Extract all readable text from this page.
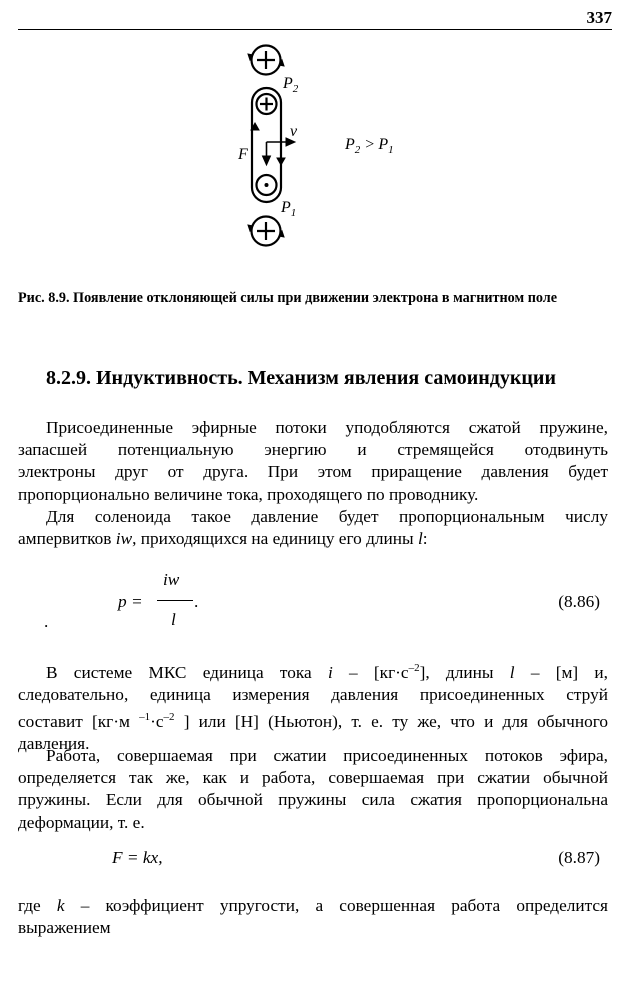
337
$P_2$
v
F
$P_1$
$P_2 > P_1$
Рис. 8.9. Появление отклоняющей силы при движении электрона в магнитном поле
8.2.9. Индуктивность. Механизм явления самоиндукции
Присоединенные эфирные потоки уподобляются сжатой пружине,
запасшей потенциальную энергию и стремящейся отодвинуть
электроны друг от друга. При этом приращение давления будет
пропорционально величине тока, проходящего по проводнику.
Для соленоида такое давление будет пропорциональным числу
ампервитков iw, приходящихся на единицу его длины l:
p =
iw
l
.	(8.86)
.
В системе МКС единица тока $i - [кг\cdot с^{-2}]$, длины l – [м] и,
следовательно, единица измерения давления присоединенных струй
составит [кг·м $^{-1}\cdot с^{-2}$ ] или [Н] (Ньютон), т. е. ту же, что и для обычного
давления.
Работа, совершаемая при сжатии присоединенных потоков эфира,
определяется так же, как и работа, совершаемая при сжатии обычной
пружины. Если для обычной пружины сила сжатия пропорциональна
деформации, т. е.
F = kx,	(8.87)
где k – коэффициент упругости, а совершенная работа определится
выражением
